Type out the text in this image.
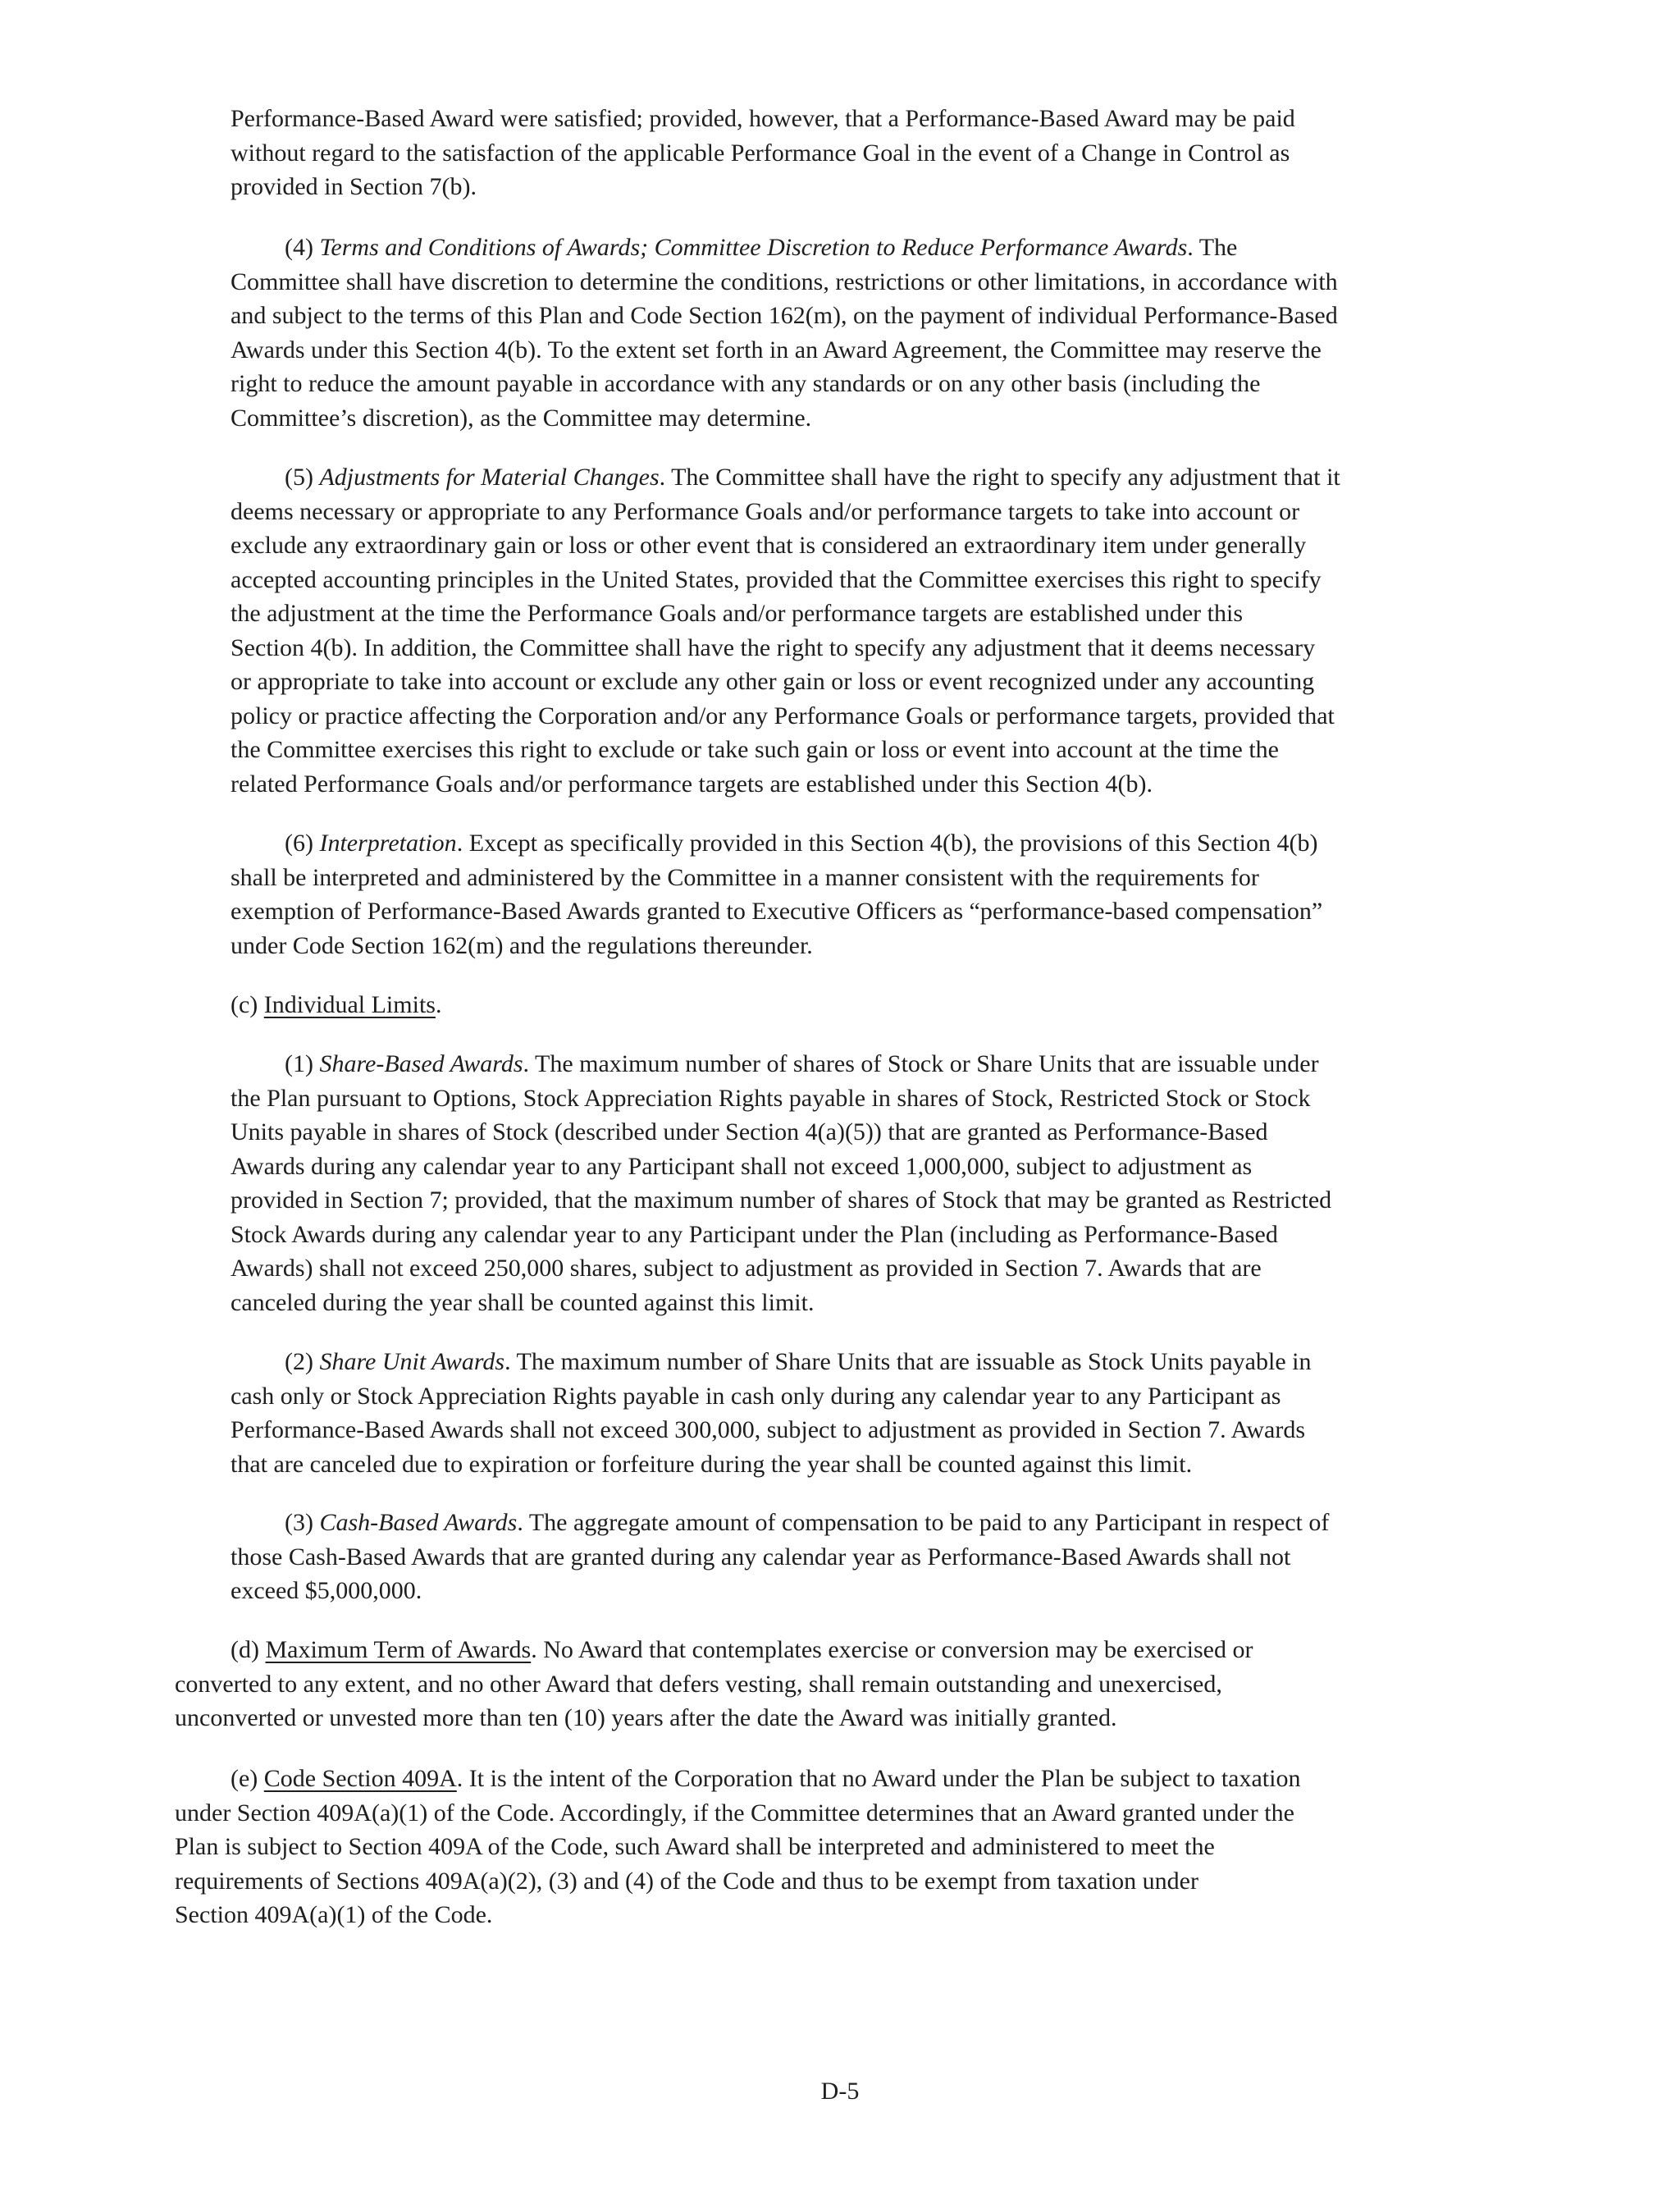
Performance-Based Award were satisfied; provided, however, that a Performance-Based Award may be paid
without regard to the satisfaction of the applicable Performance Goal in the event of a Change in Control as
provided in Section 7(b).
(4) Terms and Conditions of Awards; Committee Discretion to Reduce Performance Awards. The
Committee shall have discretion to determine the conditions, restrictions or other limitations, in accordance with
and subject to the terms of this Plan and Code Section 162(m), on the payment of individual Performance-Based
Awards under this Section 4(b). To the extent set forth in an Award Agreement, the Committee may reserve the
right to reduce the amount payable in accordance with any standards or on any other basis (including the
Committee’s discretion), as the Committee may determine.
(5) Adjustments for Material Changes. The Committee shall have the right to specify any adjustment that it
deems necessary or appropriate to any Performance Goals and/or performance targets to take into account or
exclude any extraordinary gain or loss or other event that is considered an extraordinary item under generally
accepted accounting principles in the United States, provided that the Committee exercises this right to specify
the adjustment at the time the Performance Goals and/or performance targets are established under this
Section 4(b). In addition, the Committee shall have the right to specify any adjustment that it deems necessary
or appropriate to take into account or exclude any other gain or loss or event recognized under any accounting
policy or practice affecting the Corporation and/or any Performance Goals or performance targets, provided that
the Committee exercises this right to exclude or take such gain or loss or event into account at the time the
related Performance Goals and/or performance targets are established under this Section 4(b).
(6) Interpretation. Except as specifically provided in this Section 4(b), the provisions of this Section 4(b)
shall be interpreted and administered by the Committee in a manner consistent with the requirements for
exemption of Performance-Based Awards granted to Executive Officers as “performance-based compensation”
under Code Section 162(m) and the regulations thereunder.
(c) Individual Limits.
(1) Share-Based Awards. The maximum number of shares of Stock or Share Units that are issuable under
the Plan pursuant to Options, Stock Appreciation Rights payable in shares of Stock, Restricted Stock or Stock
Units payable in shares of Stock (described under Section 4(a)(5)) that are granted as Performance-Based
Awards during any calendar year to any Participant shall not exceed 1,000,000, subject to adjustment as
provided in Section 7; provided, that the maximum number of shares of Stock that may be granted as Restricted
Stock Awards during any calendar year to any Participant under the Plan (including as Performance-Based
Awards) shall not exceed 250,000 shares, subject to adjustment as provided in Section 7. Awards that are
canceled during the year shall be counted against this limit.
(2) Share Unit Awards. The maximum number of Share Units that are issuable as Stock Units payable in
cash only or Stock Appreciation Rights payable in cash only during any calendar year to any Participant as
Performance-Based Awards shall not exceed 300,000, subject to adjustment as provided in Section 7. Awards
that are canceled due to expiration or forfeiture during the year shall be counted against this limit.
(3) Cash-Based Awards. The aggregate amount of compensation to be paid to any Participant in respect of
those Cash-Based Awards that are granted during any calendar year as Performance-Based Awards shall not
exceed $5,000,000.
(d) Maximum Term of Awards. No Award that contemplates exercise or conversion may be exercised or
converted to any extent, and no other Award that defers vesting, shall remain outstanding and unexercised,
unconverted or unvested more than ten (10) years after the date the Award was initially granted.
(e) Code Section 409A. It is the intent of the Corporation that no Award under the Plan be subject to taxation
under Section 409A(a)(1) of the Code. Accordingly, if the Committee determines that an Award granted under the
Plan is subject to Section 409A of the Code, such Award shall be interpreted and administered to meet the
requirements of Sections 409A(a)(2), (3) and (4) of the Code and thus to be exempt from taxation under
Section 409A(a)(1) of the Code.
D-5
